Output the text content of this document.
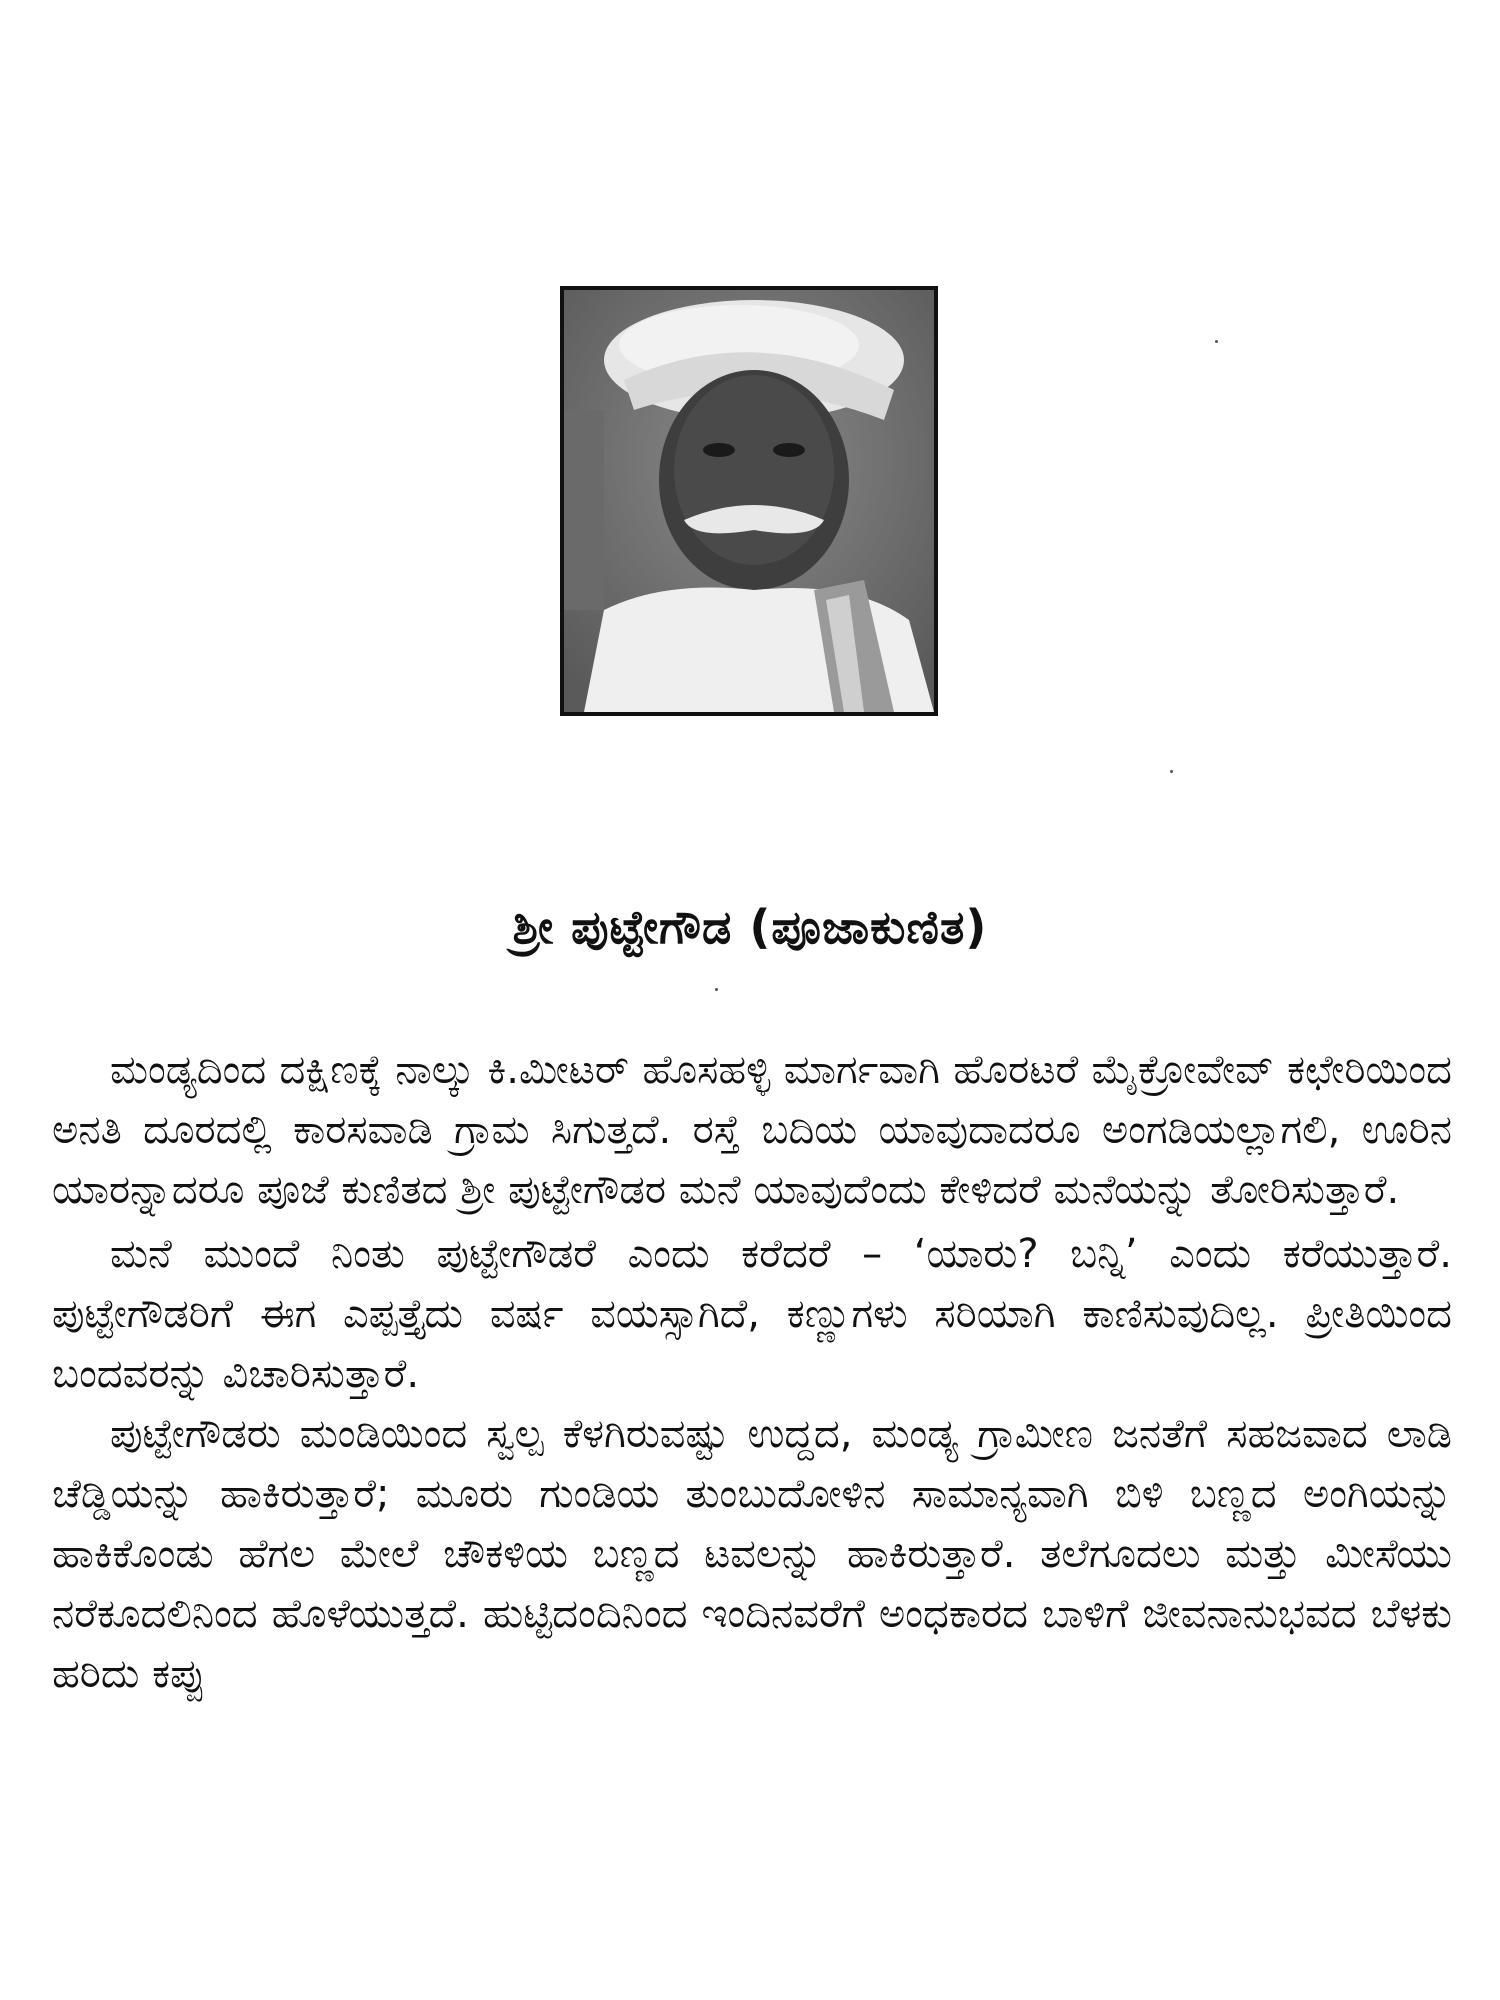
ಶ್ರೀ ಪುಟ್ಟೇಗೌಡ (ಪೂಜಾಕುಣಿತ)

ಮಂಡ್ಯದಿಂದ ದಕ್ಷಿಣಕ್ಕೆ ನಾಲ್ಕು ಕಿ.ಮೀಟರ್ ಹೊಸಹಳ್ಳಿ ಮಾರ್ಗವಾಗಿ ಹೊರಟರೆ ಮೈಕ್ರೋವೇವ್ ಕಛೇರಿಯಿಂದ ಅನತಿ ದೂರದಲ್ಲಿ ಕಾರಸವಾಡಿ ಗ್ರಾಮ ಸಿಗುತ್ತದೆ. ರಸ್ತೆ ಬದಿಯ ಯಾವುದಾದರೂ ಅಂಗಡಿಯಲ್ಲಾಗಲಿ, ಊರಿನ ಯಾರನ್ನಾದರೂ ಪೂಜೆ ಕುಣಿತದ ಶ್ರೀ ಪುಟ್ಟೇಗೌಡರ ಮನೆ ಯಾವುದೆಂದು ಕೇಳಿದರೆ ಮನೆಯನ್ನು ತೋರಿಸುತ್ತಾರೆ.

ಮನೆ ಮುಂದೆ ನಿಂತು ಪುಟ್ಟೇಗೌಡರೆ ಎಂದು ಕರೆದರೆ – ‘ಯಾರು? ಬನ್ನಿ’ ಎಂದು ಕರೆಯುತ್ತಾರೆ. ಪುಟ್ಟೇಗೌಡರಿಗೆ ಈಗ ಎಪ್ಪತ್ತೈದು ವರ್ಷ ವಯಸ್ಸಾಗಿದೆ, ಕಣ್ಣುಗಳು ಸರಿಯಾಗಿ ಕಾಣಿಸುವುದಿಲ್ಲ. ಪ್ರೀತಿಯಿಂದ ಬಂದವರನ್ನು ವಿಚಾರಿಸುತ್ತಾರೆ.

ಪುಟ್ಟೇಗೌಡರು ಮಂಡಿಯಿಂದ ಸ್ವಲ್ಪ ಕೆಳಗಿರುವಷ್ಟು ಉದ್ದದ, ಮಂಡ್ಯ ಗ್ರಾಮೀಣ ಜನತೆಗೆ ಸಹಜವಾದ ಲಾಡಿ ಚೆಡ್ಡಿಯನ್ನು ಹಾಕಿರುತ್ತಾರೆ; ಮೂರು ಗುಂಡಿಯ ತುಂಬುದೋಳಿನ ಸಾಮಾನ್ಯವಾಗಿ ಬಿಳಿ ಬಣ್ಣದ ಅಂಗಿಯನ್ನು ಹಾಕಿಕೊಂಡು ಹೆಗಲ ಮೇಲೆ ಚೌಕಳಿಯ ಬಣ್ಣದ ಟವಲನ್ನು ಹಾಕಿರುತ್ತಾರೆ. ತಲೆಗೂದಲು ಮತ್ತು ಮೀಸೆಯು ನರೆಕೂದಲಿನಿಂದ ಹೊಳೆಯುತ್ತದೆ. ಹುಟ್ಟಿದಂದಿನಿಂದ ಇಂದಿನವರೆಗೆ ಅಂಧಕಾರದ ಬಾಳಿಗೆ ಜೀವನಾನುಭವದ ಬೆಳಕು ಹರಿದು ಕಪ್ಪು
